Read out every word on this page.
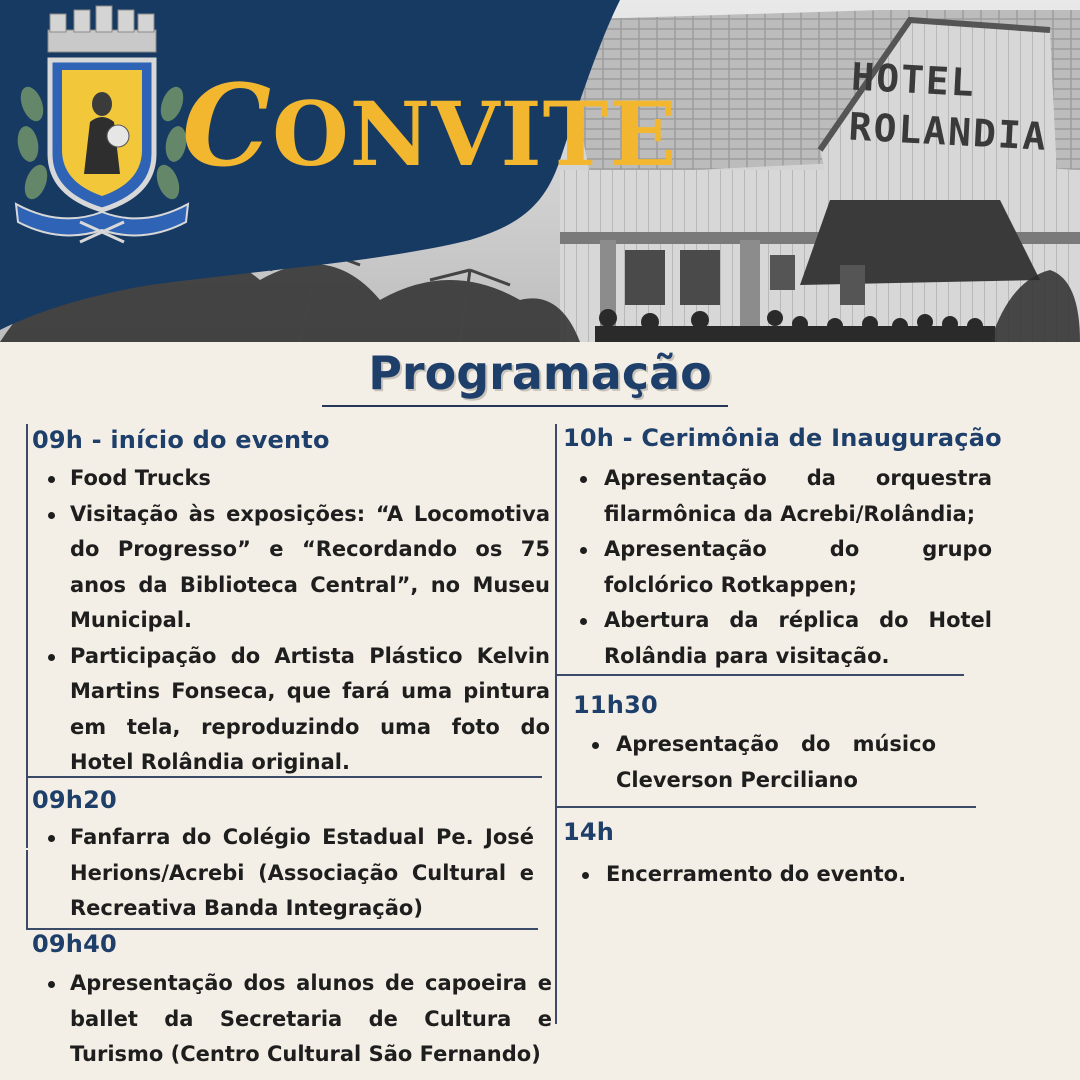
CONVITE
HOTEL
ROLANDIA
Programação
09h - início do evento
Food Trucks
Visitação às exposições: “A Locomotiva do Progresso” e “Recordando os 75 anos da Biblioteca Central”, no Museu Municipal.
Participação do Artista Plástico Kelvin Martins Fonseca, que fará uma pintura em tela, reproduzindo uma foto do Hotel Rolândia original.
09h20
Fanfarra do Colégio Estadual Pe. José Herions/Acrebi (Associação Cultural e Recreativa Banda Integração)
09h40
Apresentação dos alunos de capoeira e ballet da Secretaria de Cultura e Turismo (Centro Cultural São Fernando)
10h - Cerimônia de Inauguração
Apresentação da orquestra filarmônica da Acrebi/Rolândia;
Apresentação do grupo folclórico Rotkappen;
Abertura da réplica do Hotel Rolândia para visitação.
11h30
Apresentação do músico Cleverson Perciliano
14h
Encerramento do evento.
